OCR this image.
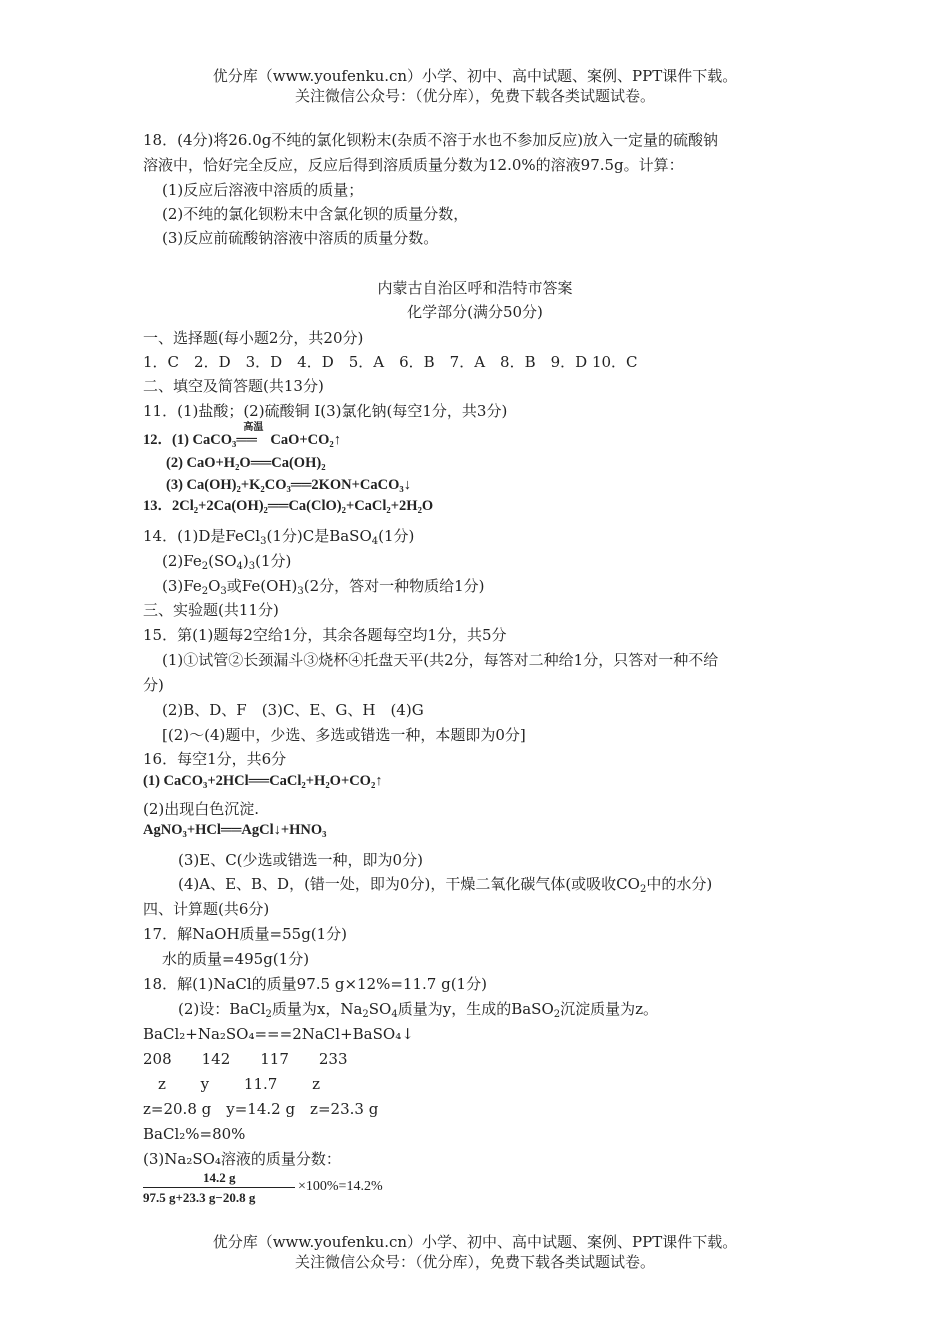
优分库（www.youfenku.cn）小学、初中、高中试题、案例、PPT课件下载。
关注微信公众号：（优分库），免费下载各类试题试卷。
18．(4分)将26.0g不纯的氯化钡粉末(杂质不溶于水也不参加反应)放入一定量的硫酸钠
溶液中，恰好完全反应，反应后得到溶质质量分数为12.0%的溶液97.5g。计算：
(1)反应后溶液中溶质的质量；
(2)不纯的氯化钡粉末中含氯化钡的质量分数，
(3)反应前硫酸钠溶液中溶质的质量分数。
内蒙古自治区呼和浩特市答案
化学部分(满分50分)
一、选择题(每小题2分，共20分)
1．C　2．D　3．D　4．D　5．A　6．B　7．A　8．B　9．D 10．C
二、填空及简答题(共13分)
11．(1)盐酸；(2)硫酸铜 I(3)氯化钠(每空1分，共3分)
12．(1) CaCO₃
高温
══ CaO+CO₂↑
(2) CaO+H₂O══Ca(OH)₂
(3) Ca(OH)₂+K₂CO₃══2KON+CaCO₃↓
13．2Cl₂+2Ca(OH)₂══Ca(ClO)₂+CaCl₂+2H₂O
14．(1)D是FeCl$_3$(1分)C是BaSO$_4$(1分)
$(2)Fe_2(SO_4)_3(1$分)
$(3)Fe_2O_3$或$Fe(OH)_3(2$分，答对一种物质给1分)
三、实验题(共11分)
15．第(1)题每2空给1分，其余各题每空均1分，共5分
(1)①试管②长颈漏斗③烧杯④托盘天平(共2分，每答对二种给1分，只答对一种不给
分)
(2)B、D、F　(3)C、E、G、H　(4)G
[(2)～(4)题中，少选、多选或错选一种，本题即为0分]
16．每空1分，共6分
(1) CaCO₃+2HCl══CaCl₂+H₂O+CO₂↑
(2)出现白色沉淀.
AgNO₃+HCl══AgCl↓+HNO₃
(3)E、C(少选或错选一种，即为0分)
(4)A、E、B、D，(错一处，即为0分)，干燥二氧化碳气体(或吸收$CO_2$中的水分)
四、计算题(共6分)
17．解NaOH质量=55g(1分)
水的质量=495g(1分)
18．解(1)NaCl的质量97.5 g×12%=11.7 g(1分)
(2)设：BaCl$_2$质量为x，$Na_2SO_4$质量为y，生成的BaSO$_2$沉淀质量为z。
BaCl₂+Na₂SO₄===2NaCl+BaSO₄↓
208　　142　　117　　233
　z　　 y　　 11.7　　 z
z=20.8 g　y=14.2 g　z=23.3 g
BaCl₂%=80%
(3)Na₂SO₄溶液的质量分数：
14.2 g
97.5 g+23.3 g−20.8 g
×100%=14.2%
优分库（www.youfenku.cn）小学、初中、高中试题、案例、PPT课件下载。
关注微信公众号：（优分库），免费下载各类试题试卷。
